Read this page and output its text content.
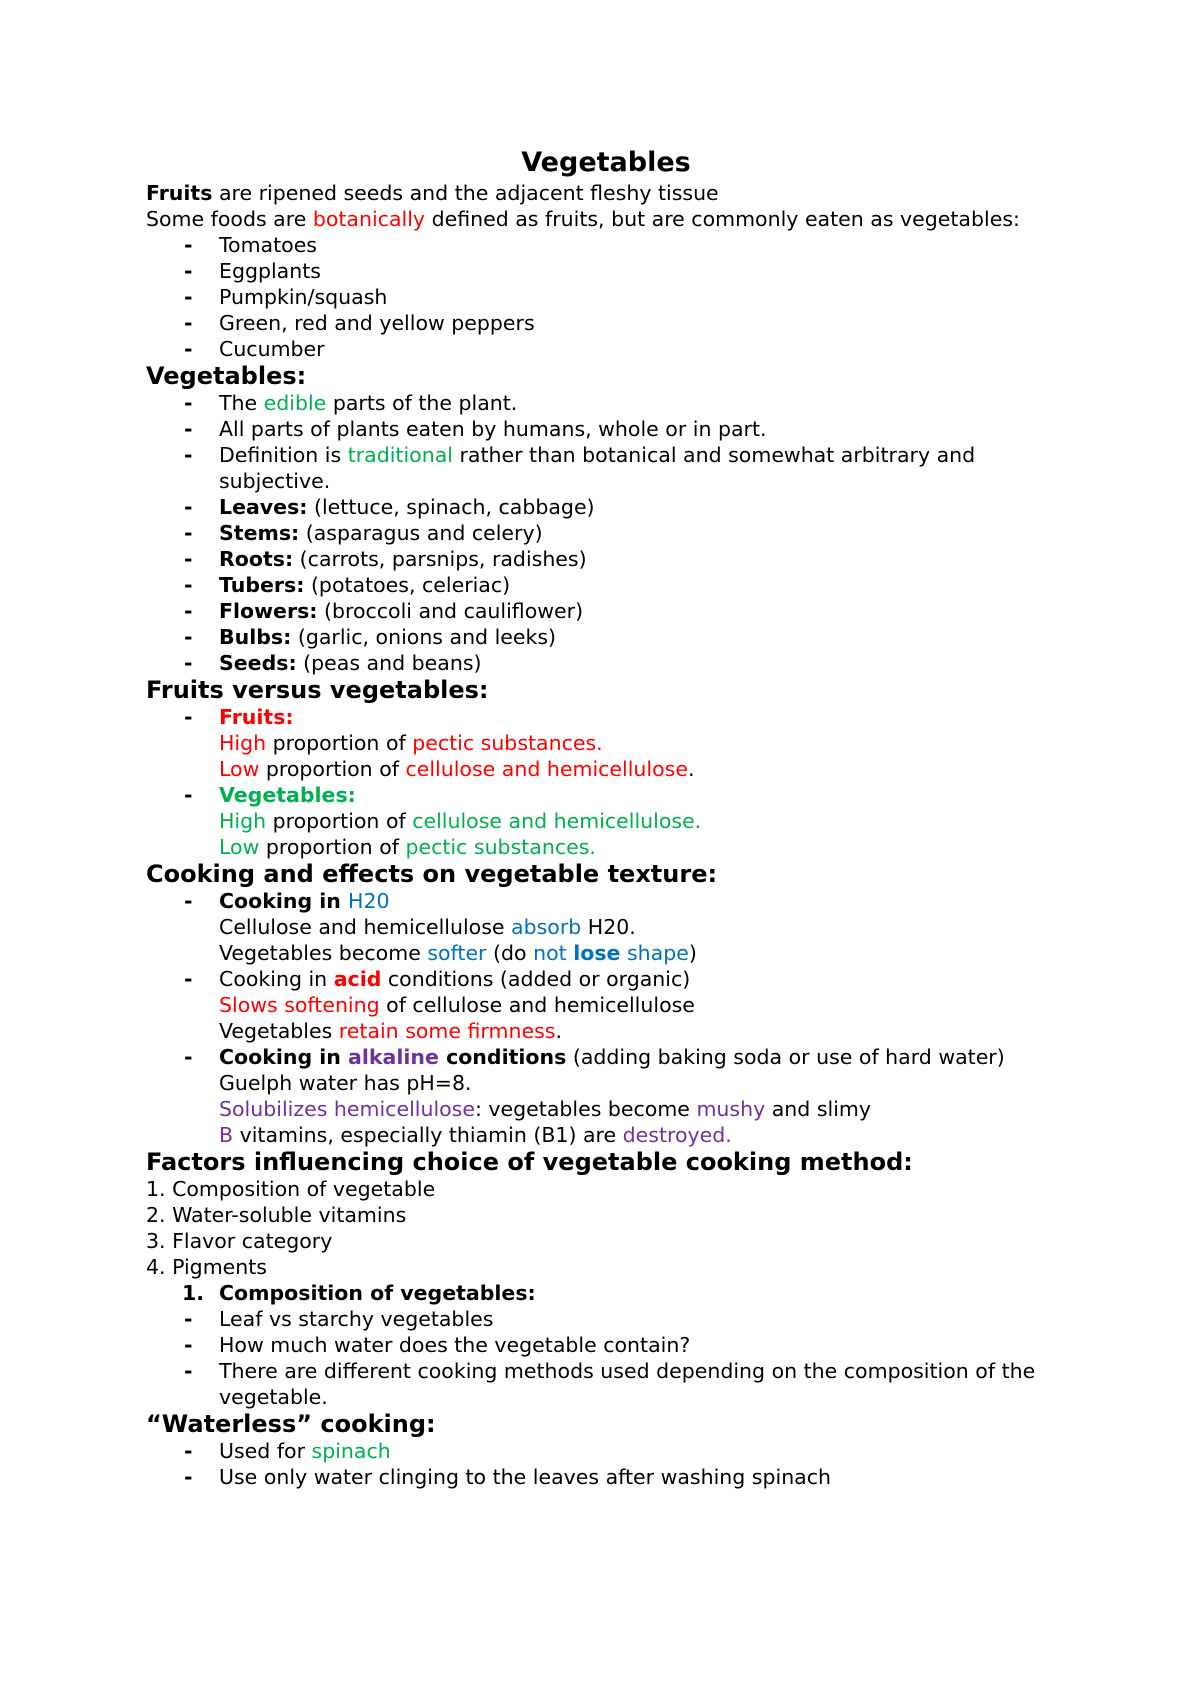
Vegetables

Fruits are ripened seeds and the adjacent fleshy tissue

Some foods are botanically defined as fruits, but are commonly eaten as vegetables:

- Tomatoes
- Eggplants
- Pumpkin/squash
- Green, red and yellow peppers
- Cucumber

Vegetables:

- The edible parts of the plant.
- All parts of plants eaten by humans, whole or in part.
- Definition is traditional rather than botanical and somewhat arbitrary and subjective.
- Leaves: (lettuce, spinach, cabbage)
- Stems: (asparagus and celery)
- Roots: (carrots, parsnips, radishes)
- Tubers: (potatoes, celeriac)
- Flowers: (broccoli and cauliflower)
- Bulbs: (garlic, onions and leeks)
- Seeds: (peas and beans)

Fruits versus vegetables:

- Fruits:
High proportion of pectic substances.
Low proportion of cellulose and hemicellulose.
- Vegetables:
High proportion of cellulose and hemicellulose.
Low proportion of pectic substances.

Cooking and effects on vegetable texture:

- Cooking in H20
Cellulose and hemicellulose absorb H20.
Vegetables become softer (do not lose shape)
- Cooking in acid conditions (added or organic)
Slows softening of cellulose and hemicellulose
Vegetables retain some firmness.
- Cooking in alkaline conditions (adding baking soda or use of hard water)
Guelph water has pH=8.
Solubilizes hemicellulose: vegetables become mushy and slimy
B vitamins, especially thiamin (B1) are destroyed.

Factors influencing choice of vegetable cooking method:

1. Composition of vegetable

2. Water-soluble vitamins

3. Flavor category

4. Pigments

1. Composition of vegetables:
- Leaf vs starchy vegetables
- How much water does the vegetable contain?
- There are different cooking methods used depending on the composition of the vegetable.

“Waterless” cooking:

- Used for spinach
- Use only water clinging to the leaves after washing spinach
